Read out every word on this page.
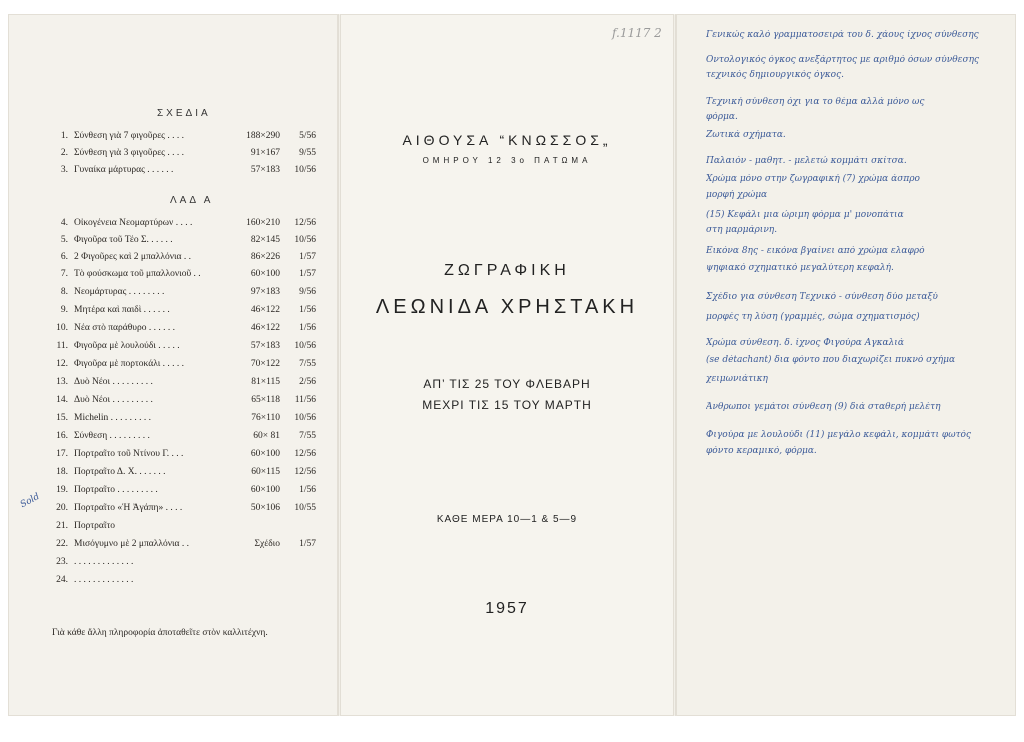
ΣΧΕΔΙΑ
1. Σύνθεση γιὰ 7 φιγοῦρες . . . .	188×290	5/56
2. Σύνθεση γιὰ 3 φιγοῦρες . . . .	91×167	9/55
3. Γυναίκα μάρτυρας . . . . . .	57×183	10/56
ΛΑΔ Α
4. Οἰκογένεια Νεομαρτύρων . . . .	160×210	12/56
5. Φιγοῦρα τοῦ Τέο Σ. . . . . .	82×145	10/56
6. 2 Φιγοῦρες καὶ 2 μπαλλόνια . .	86×226	1/57
7. Τὸ φούσκωμα τοῦ μπαλλονιοῦ . .	60×100	1/57
8. Νεομάρτυρας . . . . . . . .	97×183	9/56
9. Μητέρα καὶ παιδὶ . . . . . .	46×122	1/56
10. Νέα στὸ παράθυρο . . . . . .	46×122	1/56
11. Φιγοῦρα μὲ λουλούδι . . . . .	57×183	10/56
12. Φιγοῦρα μὲ πορτοκάλι . . . . .	70×122	7/55
13. Δυὸ Νέοι . . . . . . . . .	81×115	2/56
14. Δυὸ Νέοι . . . . . . . . .	65×118	11/56
15. Michelin . . . . . . . . .	76×110	10/56
16. Σύνθεση . . . . . . . . .	60× 81	7/55
17. Πορτραῖτο τοῦ Ντίνου Γ. . . .	60×100	12/56
18. Πορτραῖτο Δ. Χ. . . . . . .	60×115	12/56
19. Πορτραῖτο . . . . . . . . .	60×100	1/56
20. Πορτραῖτο «Ἡ Ἀγάπη» . . . .	50×106	10/55
21. Πορτραῖτο
22. Μισόγυμνο μὲ 2 μπαλλόνια . .	Σχέδιο	1/57
23. . . . . . . . . . . . . .
24. . . . . . . . . . . . . .
Sold
Γιὰ κάθε ἄλλη πληροφορία ἀποταθεῖτε στὸν καλλιτέχνη.
f.1117 2
ΑΙΘΟΥΣΑ “ΚΝΩΣΣΟΣ„
ΟΜΗΡΟΥ 12 3ο ΠΑΤΩΜΑ
ΖΩΓΡΑΦΙΚΗ
ΛΕΩΝΙΔΑ ΧΡΗΣΤΑΚΗ
ΑΠ’ ΤΙΣ 25 ΤΟΥ ΦΛΕΒΑΡΗ
ΜΕΧΡΙ ΤΙΣ 15 ΤΟΥ ΜΑΡΤΗ
ΚΑΘΕ ΜΕΡΑ 10—1 & 5—9
1957
Γενικώς καλό γραμματοσειρά του δ. χάους ίχνος σύνθεσης
Οντολογικός όγκος ανεξάρτητος με αριθμό όσων σύνθεσης
τεχνικός δημιουργικός όγκος.
Τεχνική σύνθεση όχι για το θέμα αλλά μόνο ως
φόρμα.
Ζωτικά σχήματα.
Παλαιόν - μαθητ. - μελετώ κομμάτι σκίτσα.
Χρώμα μόνο στην ζωγραφική (7) χρώμα άσπρο
μορφή χρώμα
(15) Κεφάλι μια ώριμη φόρμα μ' μονοπάτια
στη μαρμάρινη.
Εικόνα 8ης - εικόνα βγαίνει από χρώμα ελαφρό
ψηφιακό σχηματικό μεγαλύτερη κεφαλή.
Σχέδιο για σύνθεση Τεχνικό - σύνθεση δύο μεταξύ
μορφές τη λύση (γραμμές, σώμα σχηματισμός)
Χρώμα σύνθεση. δ. ίχνος Φιγούρα Αγκαλιά
(se détachant) δια φόντο που διαχωρίζει πυκνό σχήμα
χειμωνιάτικη
Άνθρωποι γεμάτοι σύνθεση (9) διά σταθερή μελέτη
Φιγούρα με λουλούδι (11) μεγάλο κεφάλι, κομμάτι φωτός
φόντο κεραμικό, φόρμα.
